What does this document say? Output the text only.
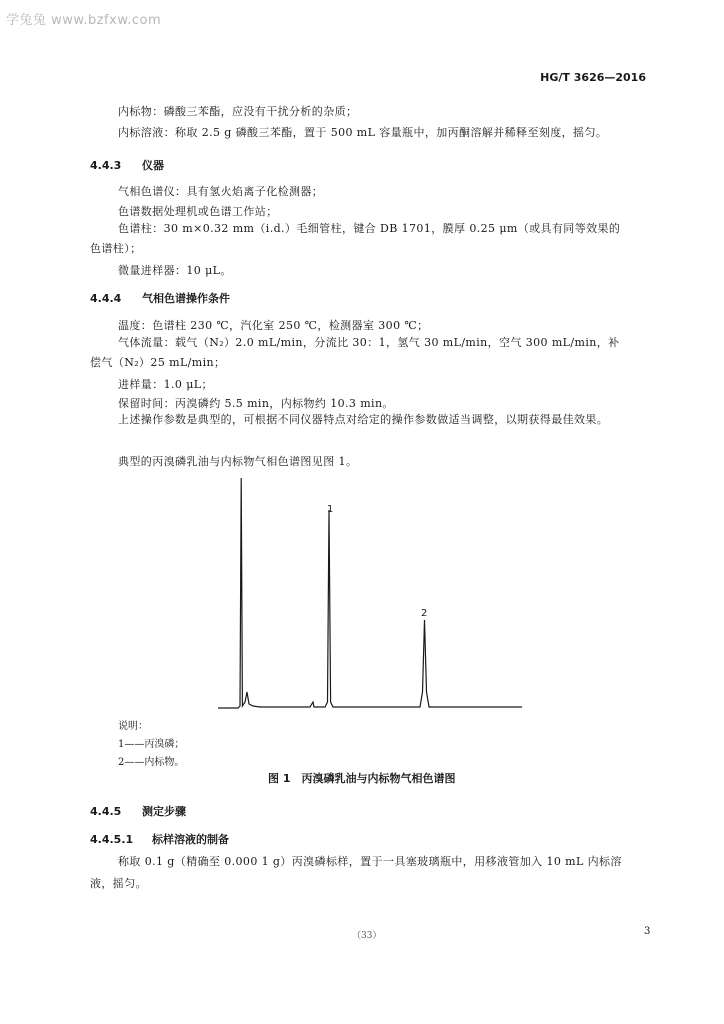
学兔兔 www.bzfxw.com
HG/T 3626—2016
内标物：磷酸三苯酯，应没有干扰分析的杂质；
内标溶液：称取 2.5 g 磷酸三苯酯，置于 500 mL 容量瓶中，加丙酮溶解并稀释至刻度，摇匀。
4.4.3 仪器
气相色谱仪：具有氢火焰离子化检测器；
色谱数据处理机或色谱工作站；
色谱柱：30 m×0.32 mm（i.d.）毛细管柱，键合 DB 1701，膜厚 0.25 μm（或具有同等效果的色谱柱）；
微量进样器：10 μL。
4.4.4 气相色谱操作条件
温度：色谱柱 230 ℃，汽化室 250 ℃，检测器室 300 ℃；
气体流量：载气（N₂）2.0 mL/min，分流比 30：1，氢气 30 mL/min，空气 300 mL/min，补偿气（N₂）25 mL/min；
进样量：1.0 μL；
保留时间：丙溴磷约 5.5 min，内标物约 10.3 min。
上述操作参数是典型的，可根据不同仪器特点对给定的操作参数做适当调整，以期获得最佳效果。
典型的丙溴磷乳油与内标物气相色谱图见图 1。
1
2
说明：
1——丙溴磷；
2——内标物。
图 1　丙溴磷乳油与内标物气相色谱图
4.4.5 测定步骤
4.4.5.1 标样溶液的制备
称取 0.1 g（精确至 0.000 1 g）丙溴磷标样，置于一具塞玻璃瓶中，用移液管加入 10 mL 内标溶液，摇匀。
（33）	3
